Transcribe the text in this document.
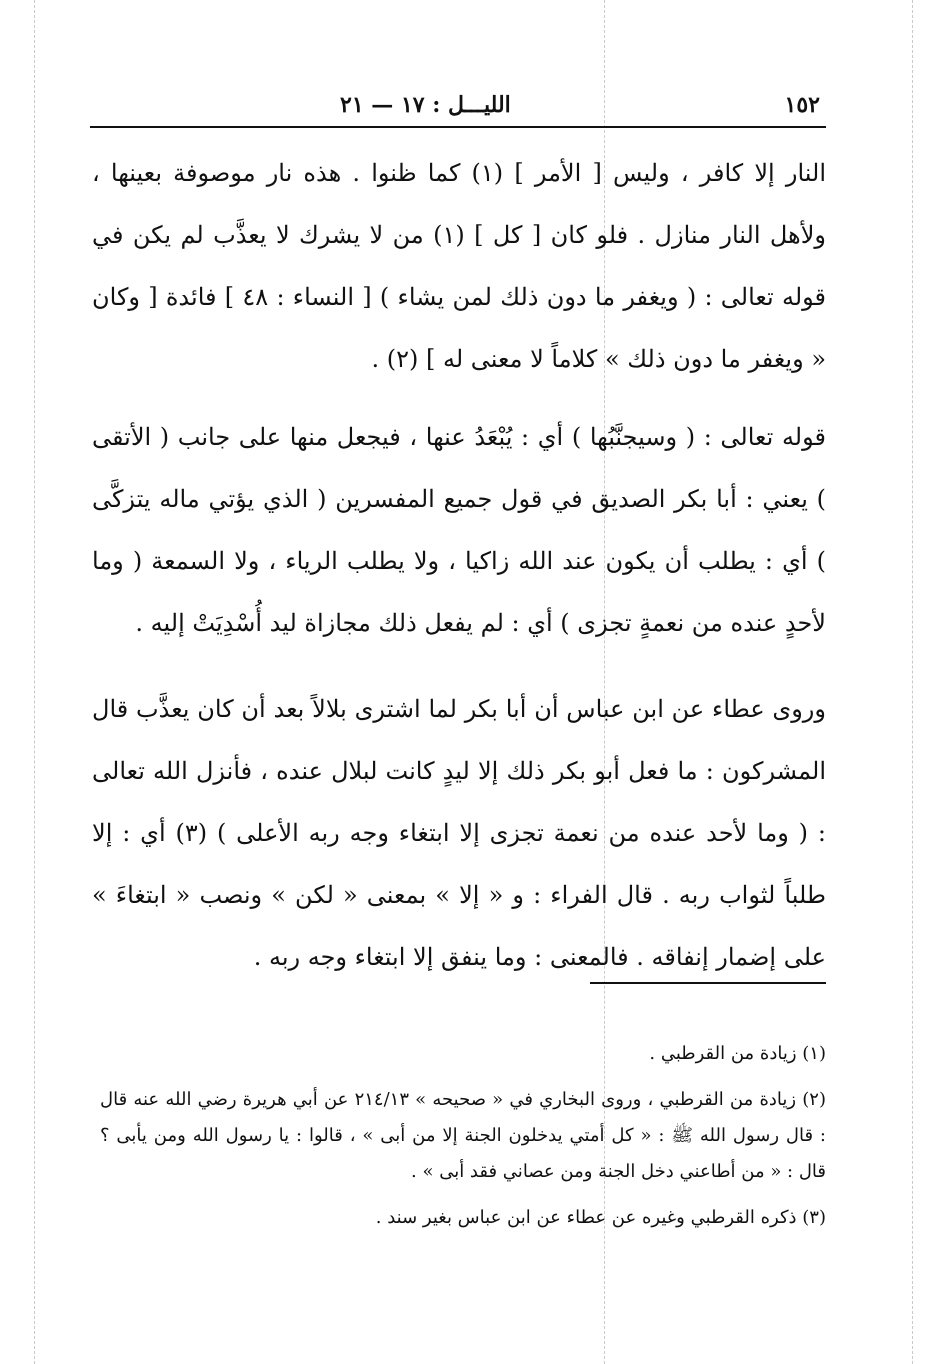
١٥٢
الليـــل : ١٧ — ٢١

النار إلا كافر ، وليس [ الأمر ] (١) كما ظنوا . هذه نار موصوفة بعينها ، ولأهل النار منازل . فلو كان [ كل ] (١) من لا يشرك لا يعذَّب لم يكن في قوله تعالى : ( ويغفر ما دون ذلك لمن يشاء ) [ النساء : ٤٨ ] فائدة [ وكان « ويغفر ما دون ذلك » كلاماً لا معنى له ] (٢) .

قوله تعالى : ( وسيجنَّبُها ) أي : يُبْعَدُ عنها ، فيجعل منها على جانب ( الأتقى ) يعني : أبا بكر الصديق في قول جميع المفسرين ( الذي يؤتي ماله يتزكَّى ) أي : يطلب أن يكون عند الله زاكيا ، ولا يطلب الرياء ، ولا السمعة ( وما لأحدٍ عنده من نعمةٍ تجزى ) أي : لم يفعل ذلك مجازاة ليد أُسْدِيَتْ إليه .

وروى عطاء عن ابن عباس أن أبا بكر لما اشترى بلالاً بعد أن كان يعذَّب قال المشركون : ما فعل أبو بكر ذلك إلا ليدٍ كانت لبلال عنده ، فأنزل الله تعالى : ( وما لأحد عنده من نعمة تجزى إلا ابتغاء وجه ربه الأعلى ) (٣) أي : إلا طلباً لثواب ربه . قال الفراء : و « إلا » بمعنى « لكن » ونصب « ابتغاءَ » على إضمار إنفاقه . فالمعنى : وما ينفق إلا ابتغاء وجه ربه .

(١) زيادة من القرطبي .

(٢) زيادة من القرطبي ، وروى البخاري في « صحيحه » ٢١٤/١٣ عن أبي هريرة رضي الله عنه قال : قال رسول الله ﷺ : « كل أمتي يدخلون الجنة إلا من أبى » ، قالوا : يا رسول الله ومن يأبى ؟ قال : « من أطاعني دخل الجنة ومن عصاني فقد أبى » .

(٣) ذكره القرطبي وغيره عن عطاء عن ابن عباس بغير سند .
